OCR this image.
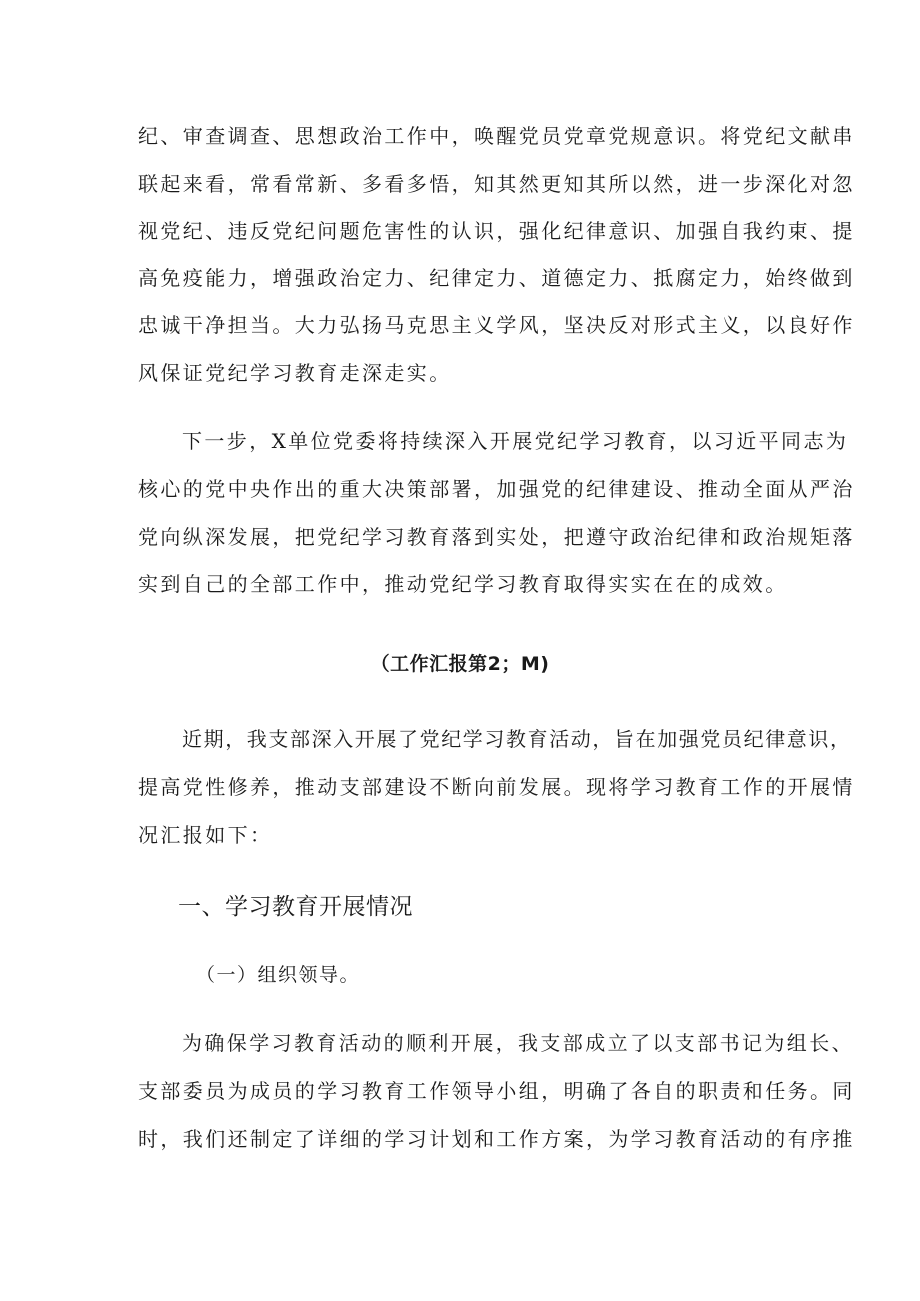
纪、审查调查、思想政治工作中，唤醒党员党章党规意识。将党纪文献串
联起来看，常看常新、多看多悟，知其然更知其所以然，进一步深化对忽
视党纪、违反党纪问题危害性的认识，强化纪律意识、加强自我约束、提
高免疫能力，增强政治定力、纪律定力、道德定力、抵腐定力，始终做到
忠诚干净担当。大力弘扬马克思主义学风，坚决反对形式主义，以良好作
风保证党纪学习教育走深走实。
下一步，X单位党委将持续深入开展党纪学习教育，以习近平同志为
核心的党中央作出的重大决策部署，加强党的纪律建设、推动全面从严治
党向纵深发展，把党纪学习教育落到实处，把遵守政治纪律和政治规矩落
实到自己的全部工作中，推动党纪学习教育取得实实在在的成效。
（工作汇报第2；M)
近期，我支部深入开展了党纪学习教育活动，旨在加强党员纪律意识，
提高党性修养，推动支部建设不断向前发展。现将学习教育工作的开展情
况汇报如下：
一、学习教育开展情况
（一）组织领导。
为确保学习教育活动的顺利开展，我支部成立了以支部书记为组长、
支部委员为成员的学习教育工作领导小组，明确了各自的职责和任务。同
时，我们还制定了详细的学习计划和工作方案，为学习教育活动的有序推
